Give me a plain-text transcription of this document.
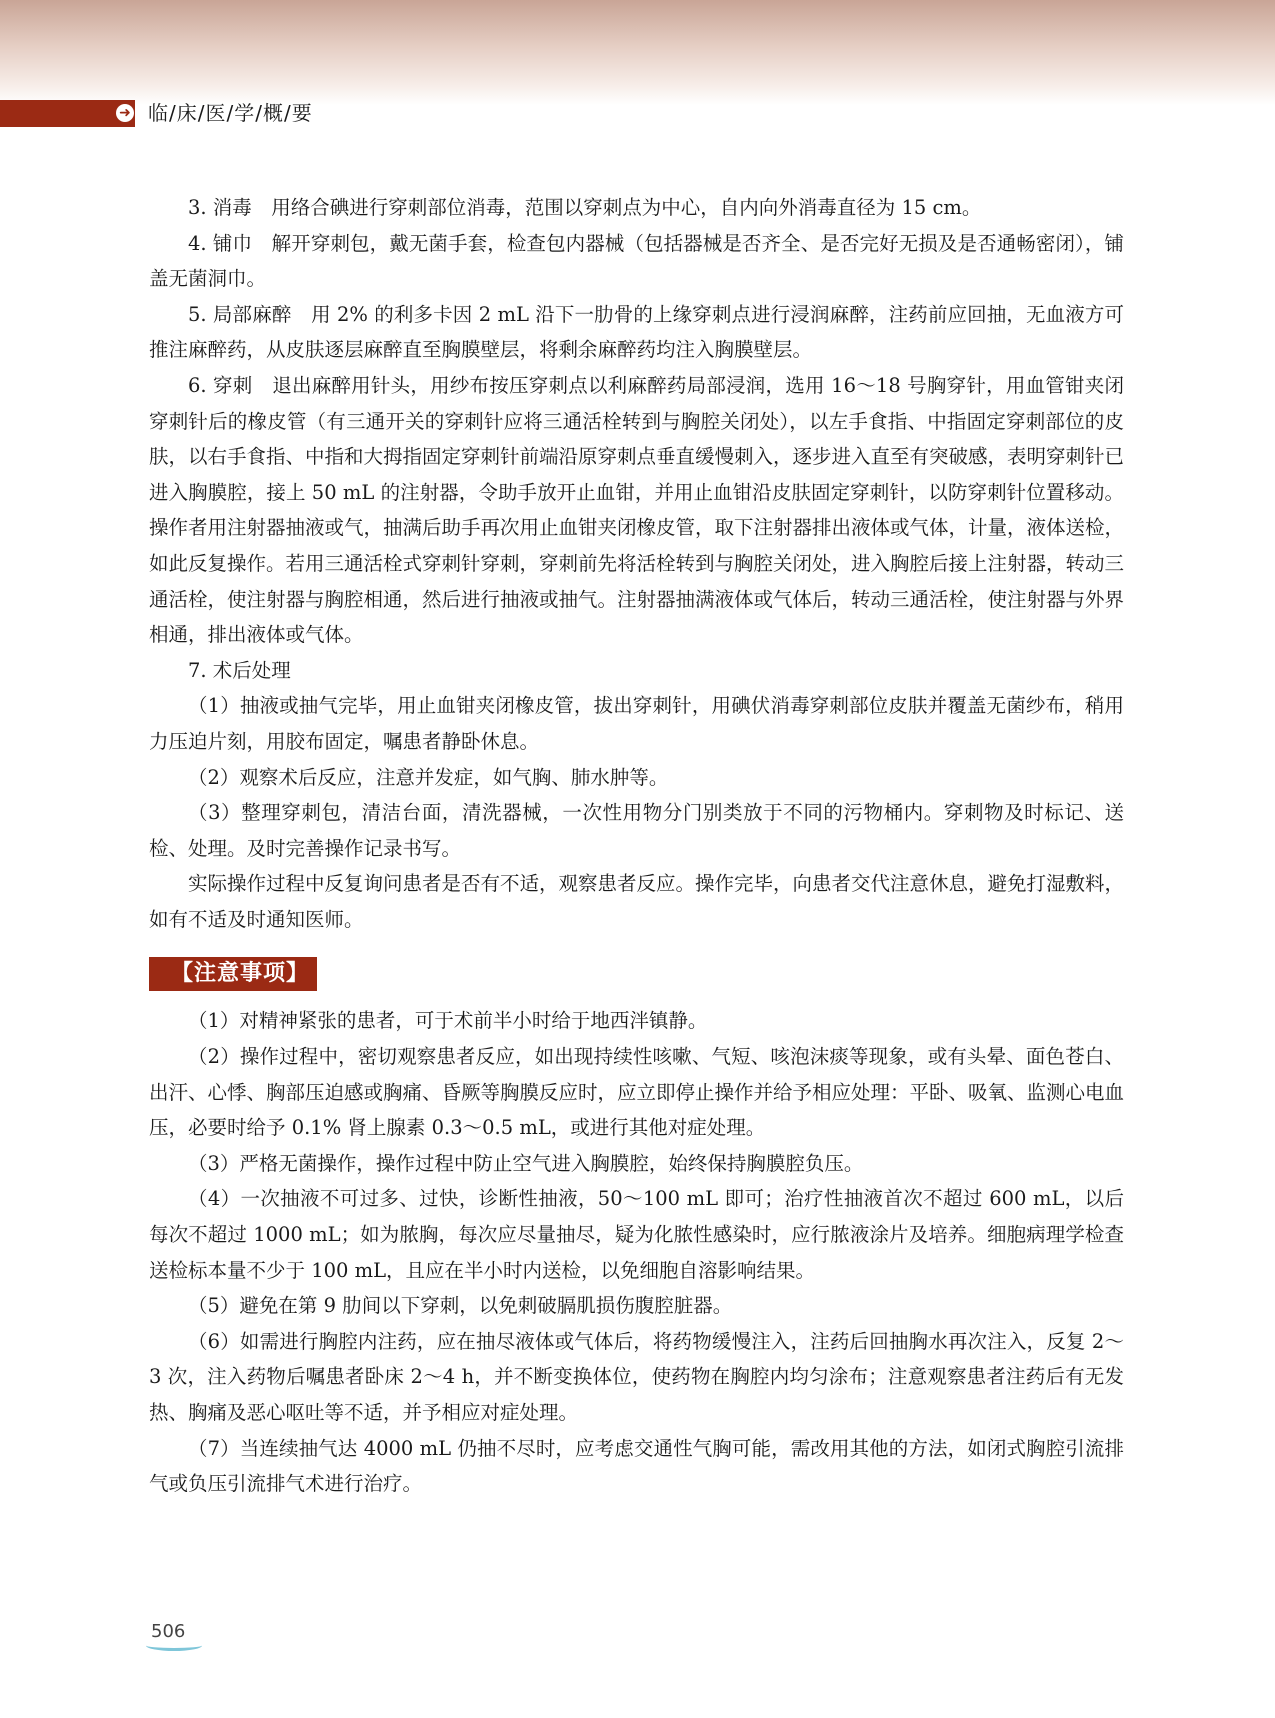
➜ 临/床/医/学/概/要

3. 消毒　用络合碘进行穿刺部位消毒，范围以穿刺点为中心，自内向外消毒直径为 15 cm。

4. 铺巾　解开穿刺包，戴无菌手套，检查包内器械（包括器械是否齐全、是否完好无损及是否通畅密闭），铺盖无菌洞巾。

5. 局部麻醉　用 2% 的利多卡因 2 mL 沿下一肋骨的上缘穿刺点进行浸润麻醉，注药前应回抽，无血液方可推注麻醉药，从皮肤逐层麻醉直至胸膜壁层，将剩余麻醉药均注入胸膜壁层。

6. 穿刺　退出麻醉用针头，用纱布按压穿刺点以利麻醉药局部浸润，选用 16～18 号胸穿针，用血管钳夹闭穿刺针后的橡皮管（有三通开关的穿刺针应将三通活栓转到与胸腔关闭处），以左手食指、中指固定穿刺部位的皮肤，以右手食指、中指和大拇指固定穿刺针前端沿原穿刺点垂直缓慢刺入，逐步进入直至有突破感，表明穿刺针已进入胸膜腔，接上 50 mL 的注射器，令助手放开止血钳，并用止血钳沿皮肤固定穿刺针，以防穿刺针位置移动。操作者用注射器抽液或气，抽满后助手再次用止血钳夹闭橡皮管，取下注射器排出液体或气体，计量，液体送检，如此反复操作。若用三通活栓式穿刺针穿刺，穿刺前先将活栓转到与胸腔关闭处，进入胸腔后接上注射器，转动三通活栓，使注射器与胸腔相通，然后进行抽液或抽气。注射器抽满液体或气体后，转动三通活栓，使注射器与外界相通，排出液体或气体。

7. 术后处理

（1）抽液或抽气完毕，用止血钳夹闭橡皮管，拔出穿刺针，用碘伏消毒穿刺部位皮肤并覆盖无菌纱布，稍用力压迫片刻，用胶布固定，嘱患者静卧休息。

（2）观察术后反应，注意并发症，如气胸、肺水肿等。

（3）整理穿刺包，清洁台面，清洗器械，一次性用物分门别类放于不同的污物桶内。穿刺物及时标记、送检、处理。及时完善操作记录书写。

实际操作过程中反复询问患者是否有不适，观察患者反应。操作完毕，向患者交代注意休息，避免打湿敷料，如有不适及时通知医师。

【注意事项】

（1）对精神紧张的患者，可于术前半小时给于地西泮镇静。

（2）操作过程中，密切观察患者反应，如出现持续性咳嗽、气短、咳泡沫痰等现象，或有头晕、面色苍白、出汗、心悸、胸部压迫感或胸痛、昏厥等胸膜反应时，应立即停止操作并给予相应处理：平卧、吸氧、监测心电血压，必要时给予 0.1% 肾上腺素 0.3～0.5 mL，或进行其他对症处理。

（3）严格无菌操作，操作过程中防止空气进入胸膜腔，始终保持胸膜腔负压。

（4）一次抽液不可过多、过快，诊断性抽液，50～100 mL 即可；治疗性抽液首次不超过 600 mL，以后每次不超过 1000 mL；如为脓胸，每次应尽量抽尽，疑为化脓性感染时，应行脓液涂片及培养。细胞病理学检查送检标本量不少于 100 mL，且应在半小时内送检，以免细胞自溶影响结果。

（5）避免在第 9 肋间以下穿刺，以免刺破膈肌损伤腹腔脏器。

（6）如需进行胸腔内注药，应在抽尽液体或气体后，将药物缓慢注入，注药后回抽胸水再次注入，反复 2～3 次，注入药物后嘱患者卧床 2～4 h，并不断变换体位，使药物在胸腔内均匀涂布；注意观察患者注药后有无发热、胸痛及恶心呕吐等不适，并予相应对症处理。

（7）当连续抽气达 4000 mL 仍抽不尽时，应考虑交通性气胸可能，需改用其他的方法，如闭式胸腔引流排气或负压引流排气术进行治疗。

506
